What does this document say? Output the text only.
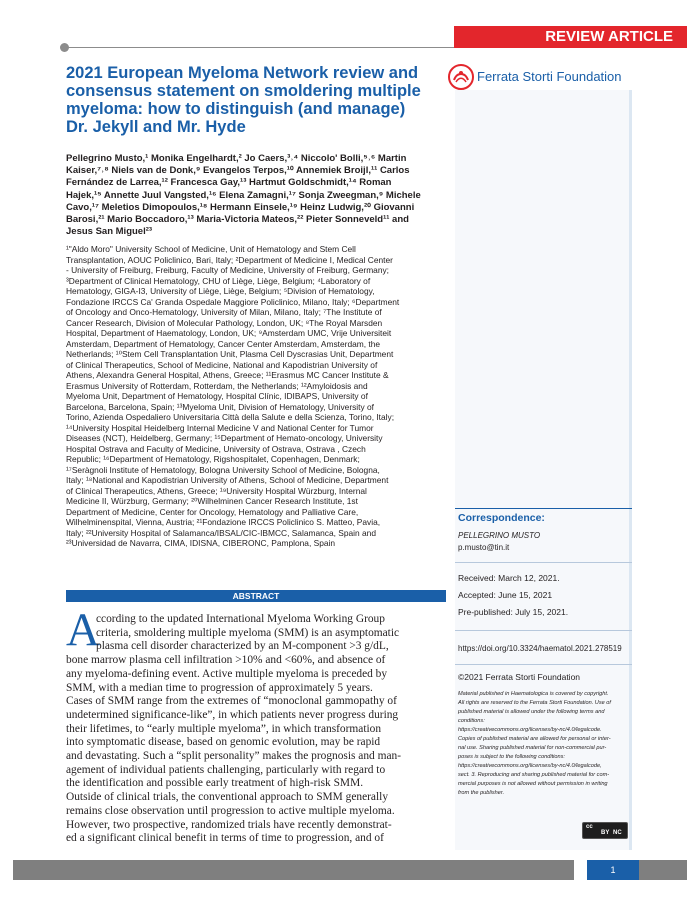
REVIEW ARTICLE
Ferrata Storti Foundation
2021 European Myeloma Network review and
consensus statement on smoldering multiple
myeloma: how to distinguish (and manage)
Dr. Jekyll and Mr. Hyde

Pellegrino Musto,¹ Monika Engelhardt,² Jo Caers,³˒⁴ Niccolo' Bolli,⁵˒⁶ Martin
Kaiser,⁷˒⁸ Niels van de Donk,⁹ Evangelos Terpos,¹⁰ Annemiek Broijl,¹¹ Carlos
Fernández de Larrea,¹² Francesca Gay,¹³ Hartmut Goldschmidt,¹⁴ Roman
Hajek,¹⁵ Annette Juul Vangsted,¹⁶ Elena Zamagni,¹⁷ Sonja Zweegman,⁹ Michele
Cavo,¹⁷ Meletios Dimopoulos,¹⁸ Hermann Einsele,¹⁹ Heinz Ludwig,²⁰ Giovanni
Barosi,²¹ Mario Boccadoro,¹³ Maria-Victoria Mateos,²² Pieter Sonneveld¹¹ and
Jesus San Miguel²³

¹"Aldo Moro" University School of Medicine, Unit of Hematology and Stem Cell
Transplantation, AOUC Policlinico, Bari, Italy; ²Department of Medicine I, Medical Center
- University of Freiburg, Freiburg, Faculty of Medicine, University of Freiburg, Germany;
³Department of Clinical Hematology, CHU of Liège, Liège, Belgium; ⁴Laboratory of
Hematology, GIGA-I3, University of Liège, Liège, Belgium; ⁵Division of Hematology,
Fondazione IRCCS Ca' Granda Ospedale Maggiore Policlinico, Milano, Italy; ⁶Department
of Oncology and Onco-Hematology, University of Milan, Milano, Italy; ⁷The Institute of
Cancer Research, Division of Molecular Pathology, London, UK; ⁸The Royal Marsden
Hospital, Department of Haematology, London, UK; ⁹Amsterdam UMC, Vrije Universiteit
Amsterdam, Department of Hematology, Cancer Center Amsterdam, Amsterdam, the
Netherlands; ¹⁰Stem Cell Transplantation Unit, Plasma Cell Dyscrasias Unit, Department
of Clinical Therapeutics, School of Medicine, National and Kapodistrian University of
Athens, Alexandra General Hospital, Athens, Greece; ¹¹Erasmus MC Cancer Institute &
Erasmus University of Rotterdam, Rotterdam, the Netherlands; ¹²Amyloidosis and
Myeloma Unit, Department of Hematology, Hospital Clínic, IDIBAPS, University of
Barcelona, Barcelona, Spain; ¹³Myeloma Unit, Division of Hematology, University of
Torino, Azienda Ospedaliero Universitaria Città della Salute e della Scienza, Torino, Italy;
¹⁴University Hospital Heidelberg Internal Medicine V and National Center for Tumor
Diseases (NCT), Heidelberg, Germany; ¹⁵Department of Hemato-oncology, University
Hospital Ostrava and Faculty of Medicine, University of Ostrava, Ostrava , Czech
Republic; ¹⁶Department of Hematology, Rigshospitalet, Copenhagen, Denmark;
¹⁷Seràgnoli Institute of Hematology, Bologna University School of Medicine, Bologna,
Italy; ¹⁸National and Kapodistrian University of Athens, School of Medicine, Department
of Clinical Therapeutics, Athens, Greece; ¹⁹University Hospital Würzburg, Internal
Medicine II, Würzburg, Germany; ²⁰Wilhelminen Cancer Research Institute, 1st
Department of Medicine, Center for Oncology, Hematology and Palliative Care,
Wilhelminenspital, Vienna, Austria; ²¹Fondazione IRCCS Policlinico S. Matteo, Pavia,
Italy; ²²University Hospital of Salamanca/IBSAL/CIC-IBMCC, Salamanca, Spain and
²³Universidad de Navarra, CIMA, IDISNA, CIBERONC, Pamplona, Spain

ABSTRACT
A

ccording to the updated International Myeloma Working Group
criteria, smoldering multiple myeloma (SMM) is an asymptomatic
plasma cell disorder characterized by an M-component >3 g/dL,
bone marrow plasma cell infiltration >10% and <60%, and absence of
any myeloma-defining event. Active multiple myeloma is preceded by
SMM, with a median time to progression of approximately 5 years.
Cases of SMM range from the extremes of “monoclonal gammopathy of
undetermined significance-like”, in which patients never progress during
their lifetimes, to “early multiple myeloma”, in which transformation
into symptomatic disease, based on genomic evolution, may be rapid
and devastating. Such a “split personality” makes the prognosis and man-
agement of individual patients challenging, particularly with regard to
the identification and possible early treatment of high-risk SMM.
Outside of clinical trials, the conventional approach to SMM generally
remains close observation until progression to active multiple myeloma.
However, two prospective, randomized trials have recently demonstrat-
ed a significant clinical benefit in terms of time to progression, and of

Correspondence:
PELLEGRINO MUSTO
p.musto@tin.it
Received: March 12, 2021.
Accepted: June 15, 2021
Pre-published: July 15, 2021.
https://doi.org/10.3324/haematol.2021.278519
©2021 Ferrata Storti Foundation

Material published in Haematologica is covered by copyright.
All rights are reserved to the Ferrata Storti Foundation. Use of
published material is allowed under the following terms and
conditions:
https://creativecommons.org/licenses/by-nc/4.0/legalcode.
Copies of published material are allowed for personal or inter-
nal use. Sharing published material for non-commercial pur-
poses is subject to the following conditions:
https://creativecommons.org/licenses/by-nc/4.0/legalcode,
sect. 3. Reproducing and sharing published material for com-
mercial purposes is not allowed without permission in writing
from the publisher.

cc
BY NC
1
